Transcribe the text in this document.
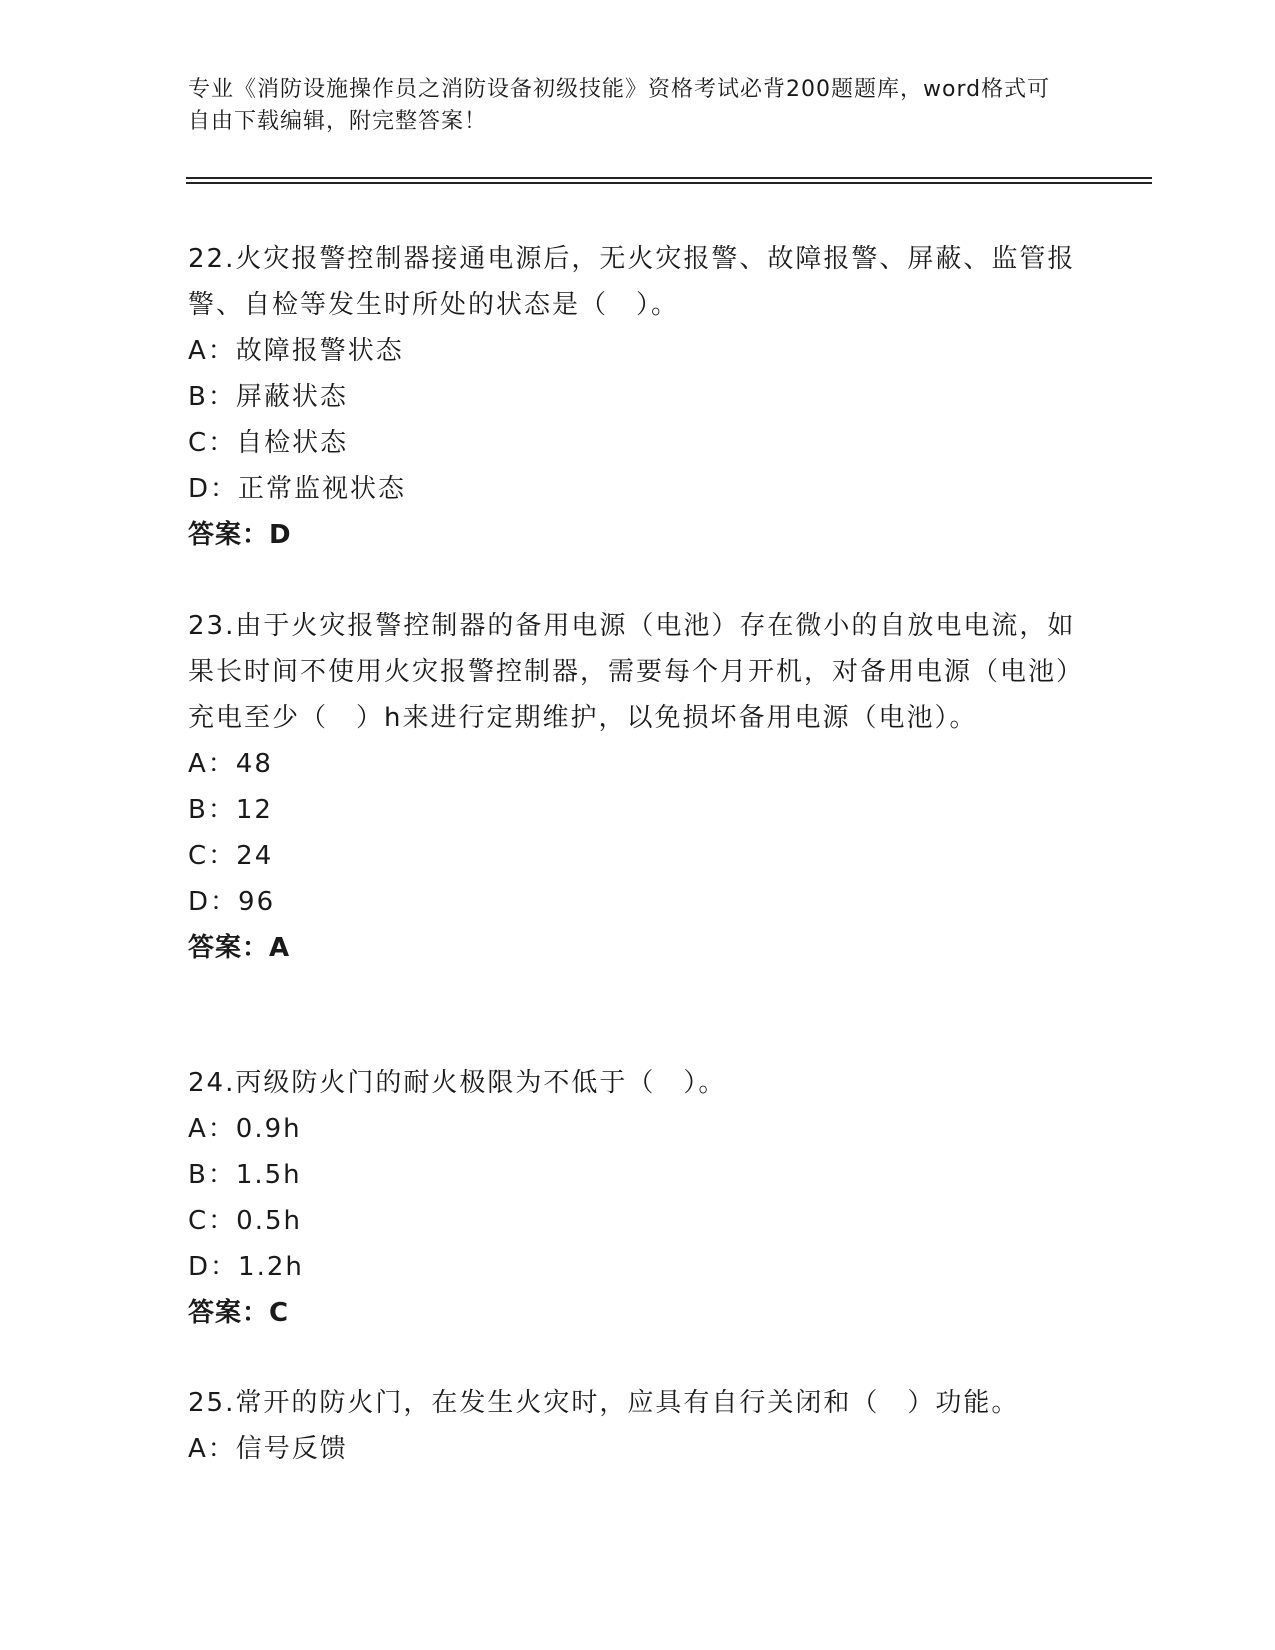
专业《消防设施操作员之消防设备初级技能》资格考试必背200题题库，word格式可自由下载编辑，附完整答案！

22.火灾报警控制器接通电源后，无火灾报警、故障报警、屏蔽、监管报警、自检等发生时所处的状态是（　）。

A：故障报警状态

B：屏蔽状态

C：自检状态

D：正常监视状态

答案：D

23.由于火灾报警控制器的备用电源（电池）存在微小的自放电电流，如果长时间不使用火灾报警控制器，需要每个月开机，对备用电源（电池）充电至少（　）h来进行定期维护，以免损坏备用电源（电池）。

A：48

B：12

C：24

D：96

答案：A

24.丙级防火门的耐火极限为不低于（　）。

A：0.9h

B：1.5h

C：0.5h

D：1.2h

答案：C

25.常开的防火门，在发生火灾时，应具有自行关闭和（　）功能。

A：信号反馈
